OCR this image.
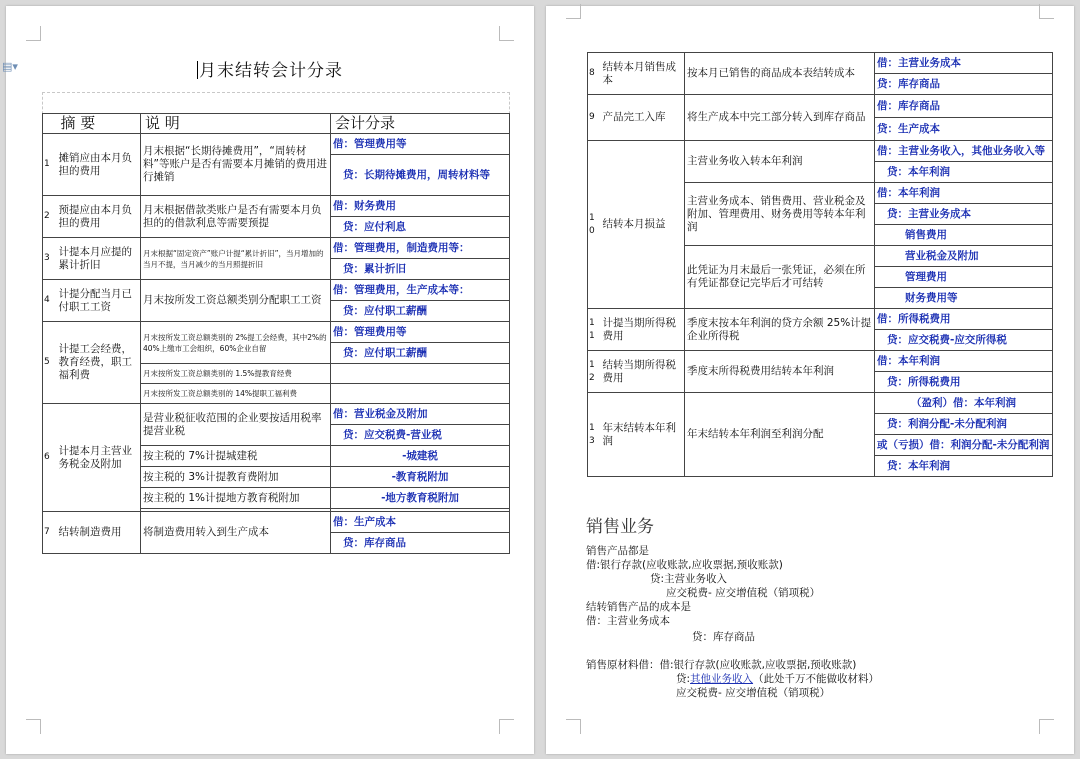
▤▾	月末结转会计分录
	摘 要	说 明	会计分录
1	摊销应由本月负担的费用	月末根据“长期待摊费用”，“周转材料”等账户是否有需要本月摊销的费用进行摊销	借：管理费用等
			贷：长期待摊费用，周转材料等
2	预提应由本月负担的费用	月末根据借款类账户是否有需要本月负担的的借款利息等需要预提	借：财务费用
			贷：应付利息
3	计提本月应提的累计折旧	月末根据“固定资产”账户计提“累计折旧”，当月增加的当月不提，当月减少的当月照提折旧	借：管理费用，制造费用等：
			贷：累计折旧
4	计提分配当月已付职工工资	月末按所发工资总额类别分配职工工资	借：管理费用，生产成本等：
			贷：应付职工薪酬
5	计提工会经费，教育经费，职工福利费	月末按所发工资总额类别的 2%提工会经费，其中2%的 40%上缴市工会组织，60%企业自留	借：管理费用等
			贷：应付职工薪酬
		月末按所发工资总额类别的 1.5%提教育经费	
		月末按所发工资总额类别的 14%提职工福利费	
6	计提本月主营业务税金及附加	是营业税征收范围的企业要按适用税率提营业税	借：营业税金及附加
			贷：应交税费-营业税
		按主税的 7%计提城建税	-城建税
		按主税的 3%计提教育费附加	-教育税附加
		按主税的 1%计提地方教育税附加	-地方教育税附加

7	结转制造费用	将制造费用转入到生产成本	借：生产成本
			贷：库存商品
8	结转本月销售成本	按本月已销售的商品成本表结转成本	借：主营业务成本
			贷：库存商品
9	产品完工入库	将生产成本中完工部分转入到库存商品	借：库存商品
			贷：生产成本
10	结转本月损益	主营业务收入转本年利润	借：主营业务收入，其他业务收入等
			贷：本年利润
		主营业务成本、销售费用、营业税金及附加、管理费用、财务费用等转本年利润	借：本年利润
			贷：主营业务成本
			销售费用
		此凭证为月末最后一张凭证，必须在所有凭证都登记完毕后才可结转	营业税金及附加
			管理费用
			财务费用等
11	计提当期所得税费用	季度末按本年利润的贷方余额 25%计提企业所得税	借：所得税费用
			贷：应交税费-应交所得税
12	结转当期所得税费用	季度末所得税费用结转本年利润	借：本年利润
			贷：所得税费用
13	年末结转本年利润	年末结转本年利润至利润分配	（盈利）借：本年利润
			贷：利润分配-未分配利润
			或（亏损）借：利润分配-未分配利润
			贷：本年利润
销售业务
销售产品都是
借:银行存款(应收账款,应收票据,预收账款)
贷:主营业务收入
应交税费- 应交增值税（销项税）
结转销售产品的成本是
借：主营业务成本
贷：库存商品
销售原材料借：借:银行存款(应收账款,应收票据,预收账款)
贷:其他业务收入（此处千万不能做收材料）
应交税费- 应交增值税（销项税）
